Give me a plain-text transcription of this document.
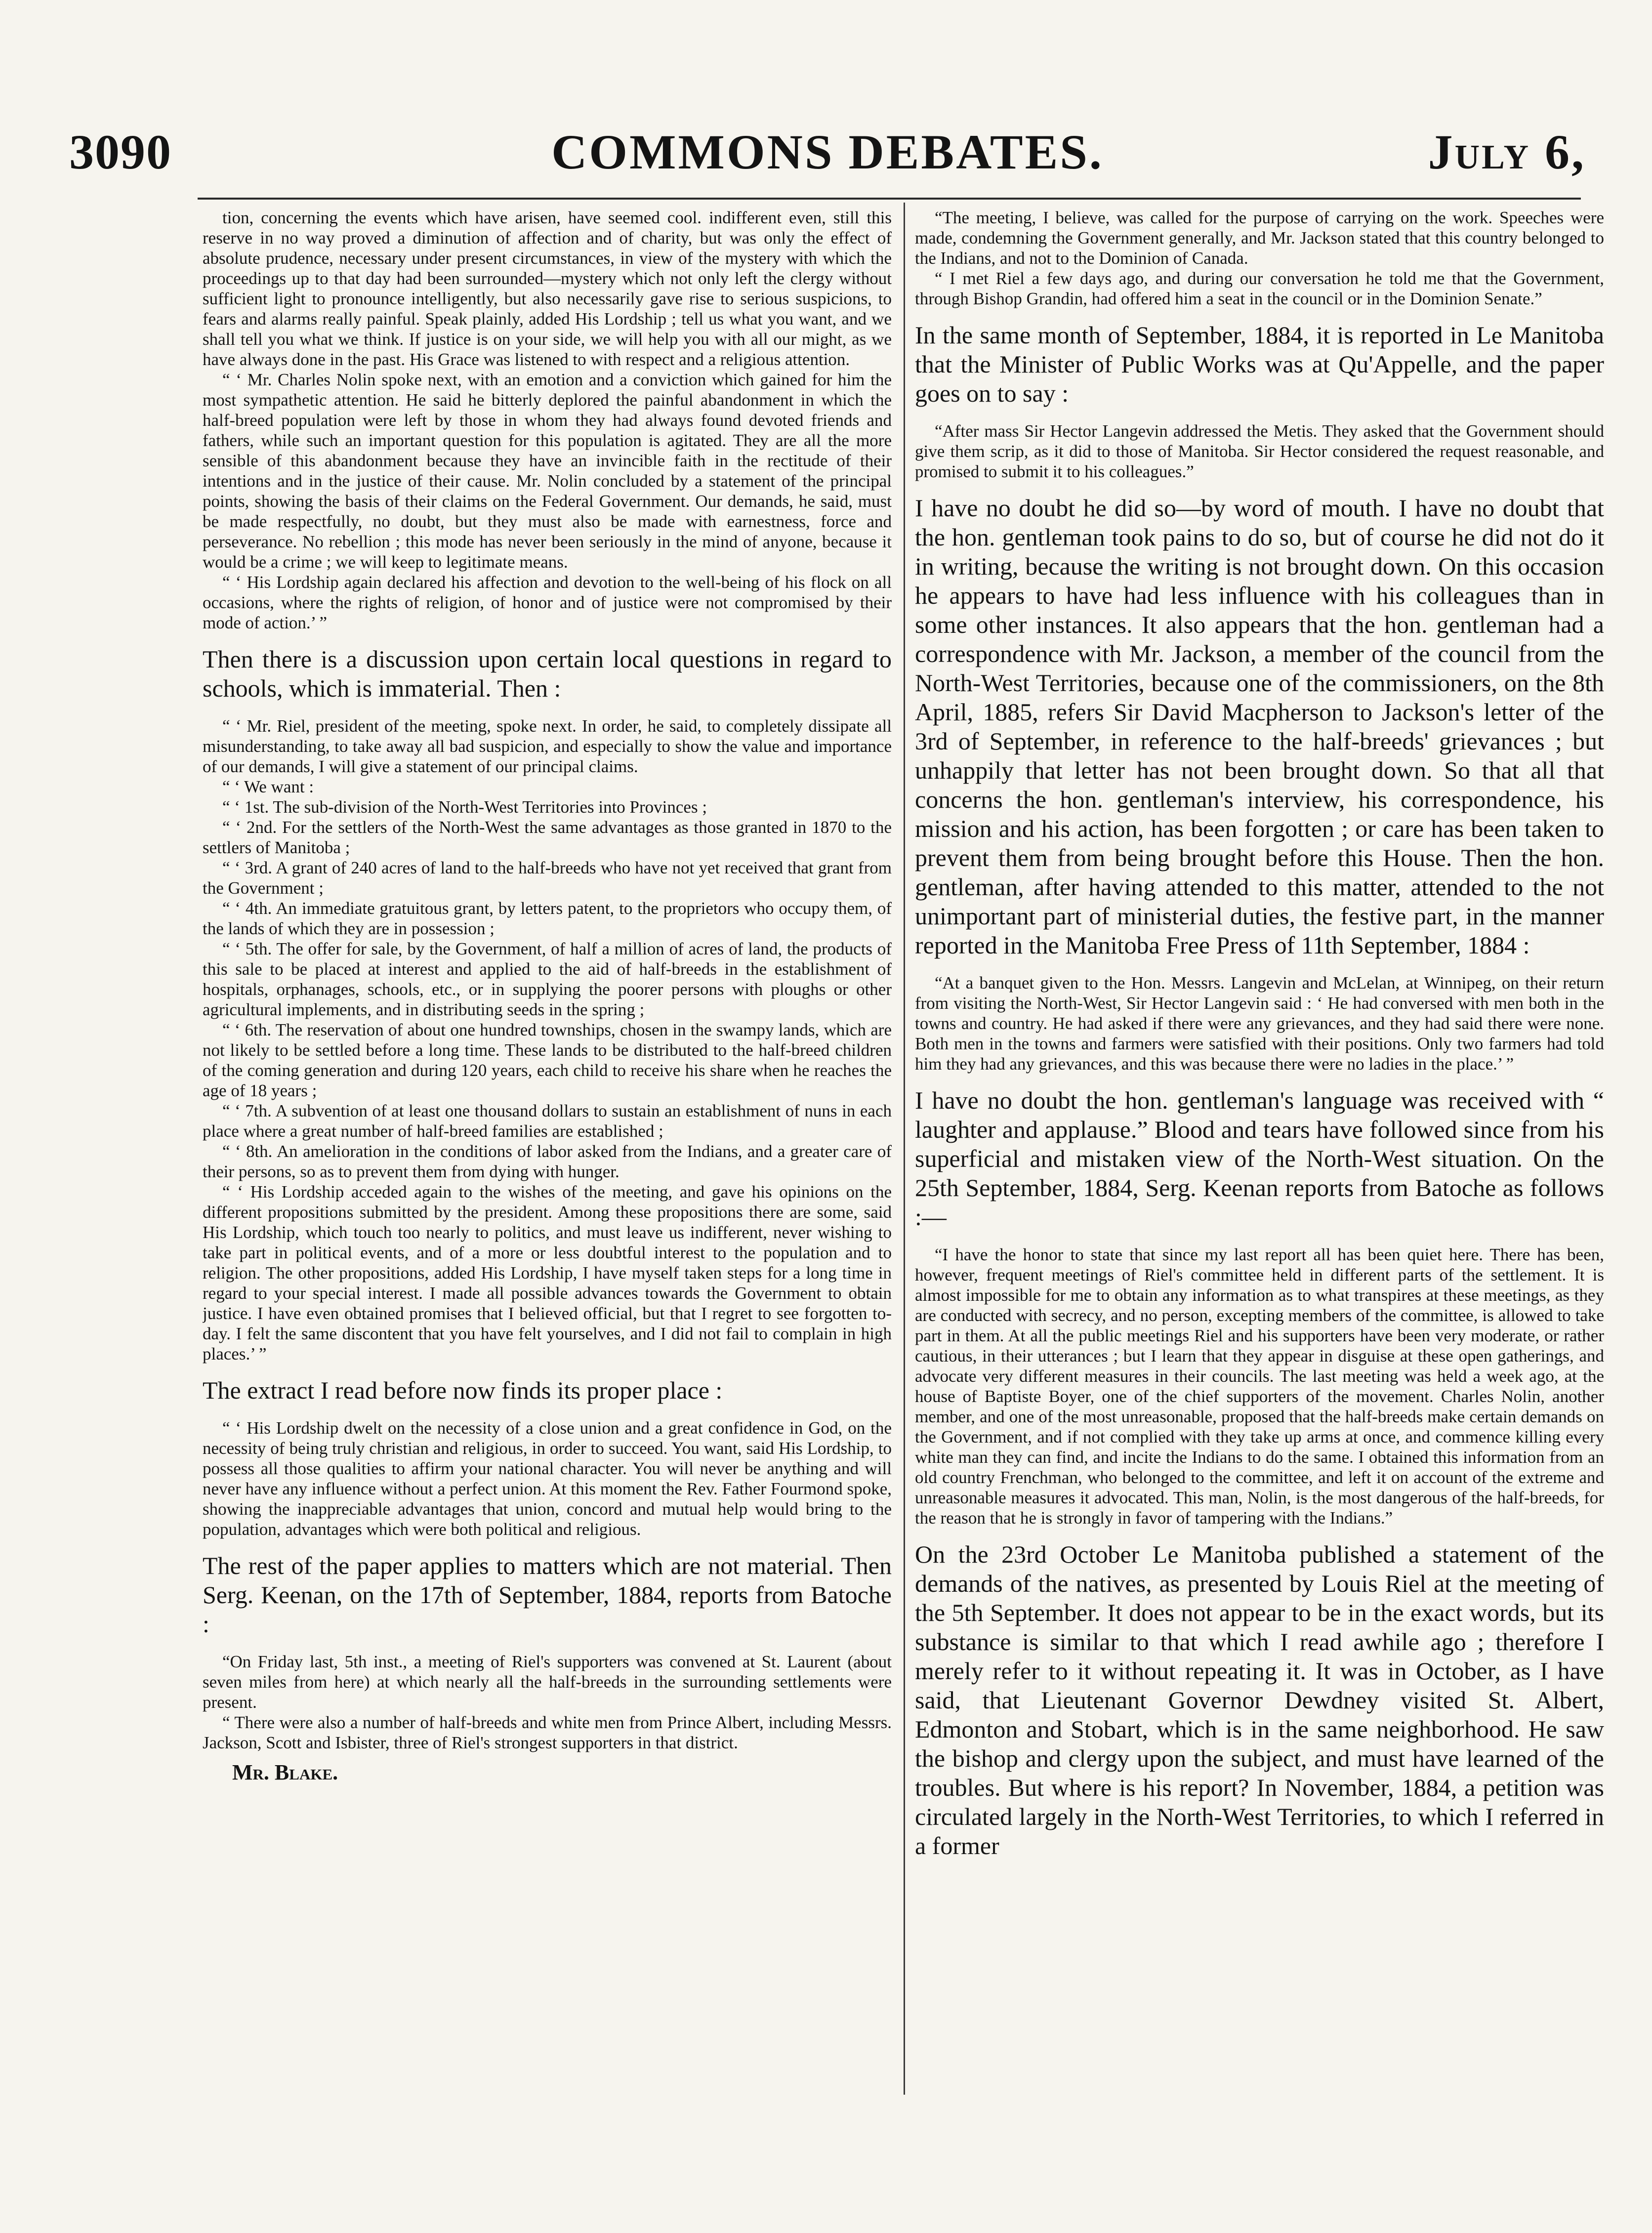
COMMONS DEBATES.
3090	July 6,

tion, concerning the events which have arisen, have seemed cool. indifferent even, still this reserve in no way proved a diminution of affection and of charity, but was only the effect of absolute prudence, necessary under present circumstances, in view of the mystery with which the proceedings up to that day had been surrounded—mystery which not only left the clergy without sufficient light to pronounce intelligently, but also necessarily gave rise to serious suspicions, to fears and alarms really painful. Speak plainly, added His Lordship ; tell us what you want, and we shall tell you what we think. If justice is on your side, we will help you with all our might, as we have always done in the past. His Grace was listened to with respect and a religious attention.

“ ‘ Mr. Charles Nolin spoke next, with an emotion and a conviction which gained for him the most sympathetic attention. He said he bitterly deplored the painful abandonment in which the half-breed population were left by those in whom they had always found devoted friends and fathers, while such an important question for this population is agitated. They are all the more sensible of this abandonment because they have an invincible faith in the rectitude of their intentions and in the justice of their cause. Mr. Nolin concluded by a statement of the principal points, showing the basis of their claims on the Federal Government. Our demands, he said, must be made respectfully, no doubt, but they must also be made with earnestness, force and perseverance. No rebellion ; this mode has never been seriously in the mind of anyone, because it would be a crime ; we will keep to legitimate means.

“ ‘ His Lordship again declared his affection and devotion to the well-being of his flock on all occasions, where the rights of religion, of honor and of justice were not compromised by their mode of action.’ ”

Then there is a discussion upon certain local questions in regard to schools, which is immaterial. Then :

“ ‘ Mr. Riel, president of the meeting, spoke next. In order, he said, to completely dissipate all misunderstanding, to take away all bad suspicion, and especially to show the value and importance of our demands, I will give a statement of our principal claims.

“ ‘ We want :

“ ‘ 1st. The sub-division of the North-West Territories into Provinces ;

“ ‘ 2nd. For the settlers of the North-West the same advantages as those granted in 1870 to the settlers of Manitoba ;

“ ‘ 3rd. A grant of 240 acres of land to the half-breeds who have not yet received that grant from the Government ;

“ ‘ 4th. An immediate gratuitous grant, by letters patent, to the proprietors who occupy them, of the lands of which they are in possession ;

“ ‘ 5th. The offer for sale, by the Government, of half a million of acres of land, the products of this sale to be placed at interest and applied to the aid of half-breeds in the establishment of hospitals, orphanages, schools, etc., or in supplying the poorer persons with ploughs or other agricultural implements, and in distributing seeds in the spring ;

“ ‘ 6th. The reservation of about one hundred townships, chosen in the swampy lands, which are not likely to be settled before a long time. These lands to be distributed to the half-breed children of the coming generation and during 120 years, each child to receive his share when he reaches the age of 18 years ;

“ ‘ 7th. A subvention of at least one thousand dollars to sustain an establishment of nuns in each place where a great number of half-breed families are established ;

“ ‘ 8th. An amelioration in the conditions of labor asked from the Indians, and a greater care of their persons, so as to prevent them from dying with hunger.

“ ‘ His Lordship acceded again to the wishes of the meeting, and gave his opinions on the different propositions submitted by the president. Among these propositions there are some, said His Lordship, which touch too nearly to politics, and must leave us indifferent, never wishing to take part in political events, and of a more or less doubtful interest to the population and to religion. The other propositions, added His Lordship, I have myself taken steps for a long time in regard to your special interest. I made all possible advances towards the Government to obtain justice. I have even obtained promises that I believed official, but that I regret to see forgotten to-day. I felt the same discontent that you have felt yourselves, and I did not fail to complain in high places.’ ”

The extract I read before now finds its proper place :

“ ‘ His Lordship dwelt on the necessity of a close union and a great confidence in God, on the necessity of being truly christian and religious, in order to succeed. You want, said His Lordship, to possess all those qualities to affirm your national character. You will never be anything and will never have any influence without a perfect union. At this moment the Rev. Father Fourmond spoke, showing the inappreciable advantages that union, concord and mutual help would bring to the population, advantages which were both political and religious.

The rest of the paper applies to matters which are not material. Then Serg. Keenan, on the 17th of September, 1884, reports from Batoche :

“On Friday last, 5th inst., a meeting of Riel's supporters was convened at St. Laurent (about seven miles from here) at which nearly all the half-breeds in the surrounding settlements were present.

“ There were also a number of half-breeds and white men from Prince Albert, including Messrs. Jackson, Scott and Isbister, three of Riel's strongest supporters in that district.

Mr. Blake.

“The meeting, I believe, was called for the purpose of carrying on the work. Speeches were made, condemning the Government generally, and Mr. Jackson stated that this country belonged to the Indians, and not to the Dominion of Canada.

“ I met Riel a few days ago, and during our conversation he told me that the Government, through Bishop Grandin, had offered him a seat in the council or in the Dominion Senate.”

In the same month of September, 1884, it is reported in Le Manitoba that the Minister of Public Works was at Qu'Appelle, and the paper goes on to say :

“After mass Sir Hector Langevin addressed the Metis. They asked that the Government should give them scrip, as it did to those of Manitoba. Sir Hector considered the request reasonable, and promised to submit it to his colleagues.”

I have no doubt he did so—by word of mouth. I have no doubt that the hon. gentleman took pains to do so, but of course he did not do it in writing, because the writing is not brought down. On this occasion he appears to have had less influence with his colleagues than in some other instances. It also appears that the hon. gentleman had a correspondence with Mr. Jackson, a member of the council from the North-West Territories, because one of the commissioners, on the 8th April, 1885, refers Sir David Macpherson to Jackson's letter of the 3rd of September, in reference to the half-breeds' grievances ; but unhappily that letter has not been brought down. So that all that concerns the hon. gentleman's interview, his correspondence, his mission and his action, has been forgotten ; or care has been taken to prevent them from being brought before this House. Then the hon. gentleman, after having attended to this matter, attended to the not unimportant part of ministerial duties, the festive part, in the manner reported in the Manitoba Free Press of 11th September, 1884 :

“At a banquet given to the Hon. Messrs. Langevin and McLelan, at Winnipeg, on their return from visiting the North-West, Sir Hector Langevin said : ‘ He had conversed with men both in the towns and country. He had asked if there were any grievances, and they had said there were none. Both men in the towns and farmers were satisfied with their positions. Only two farmers had told him they had any grievances, and this was because there were no ladies in the place.’ ”

I have no doubt the hon. gentleman's language was received with “ laughter and applause.” Blood and tears have followed since from his superficial and mistaken view of the North-West situation. On the 25th September, 1884, Serg. Keenan reports from Batoche as follows :—

“I have the honor to state that since my last report all has been quiet here. There has been, however, frequent meetings of Riel's committee held in different parts of the settlement. It is almost impossible for me to obtain any information as to what transpires at these meetings, as they are conducted with secrecy, and no person, excepting members of the committee, is allowed to take part in them. At all the public meetings Riel and his supporters have been very moderate, or rather cautious, in their utterances ; but I learn that they appear in disguise at these open gatherings, and advocate very different measures in their councils. The last meeting was held a week ago, at the house of Baptiste Boyer, one of the chief supporters of the movement. Charles Nolin, another member, and one of the most unreasonable, proposed that the half-breeds make certain demands on the Government, and if not complied with they take up arms at once, and commence killing every white man they can find, and incite the Indians to do the same. I obtained this information from an old country Frenchman, who belonged to the committee, and left it on account of the extreme and unreasonable measures it advocated. This man, Nolin, is the most dangerous of the half-breeds, for the reason that he is strongly in favor of tampering with the Indians.”

On the 23rd October Le Manitoba published a statement of the demands of the natives, as presented by Louis Riel at the meeting of the 5th September. It does not appear to be in the exact words, but its substance is similar to that which I read awhile ago ; therefore I merely refer to it without repeating it. It was in October, as I have said, that Lieutenant Governor Dewdney visited St. Albert, Edmonton and Stobart, which is in the same neighborhood. He saw the bishop and clergy upon the subject, and must have learned of the troubles. But where is his report? In November, 1884, a petition was circulated largely in the North-West Territories, to which I referred in a former
